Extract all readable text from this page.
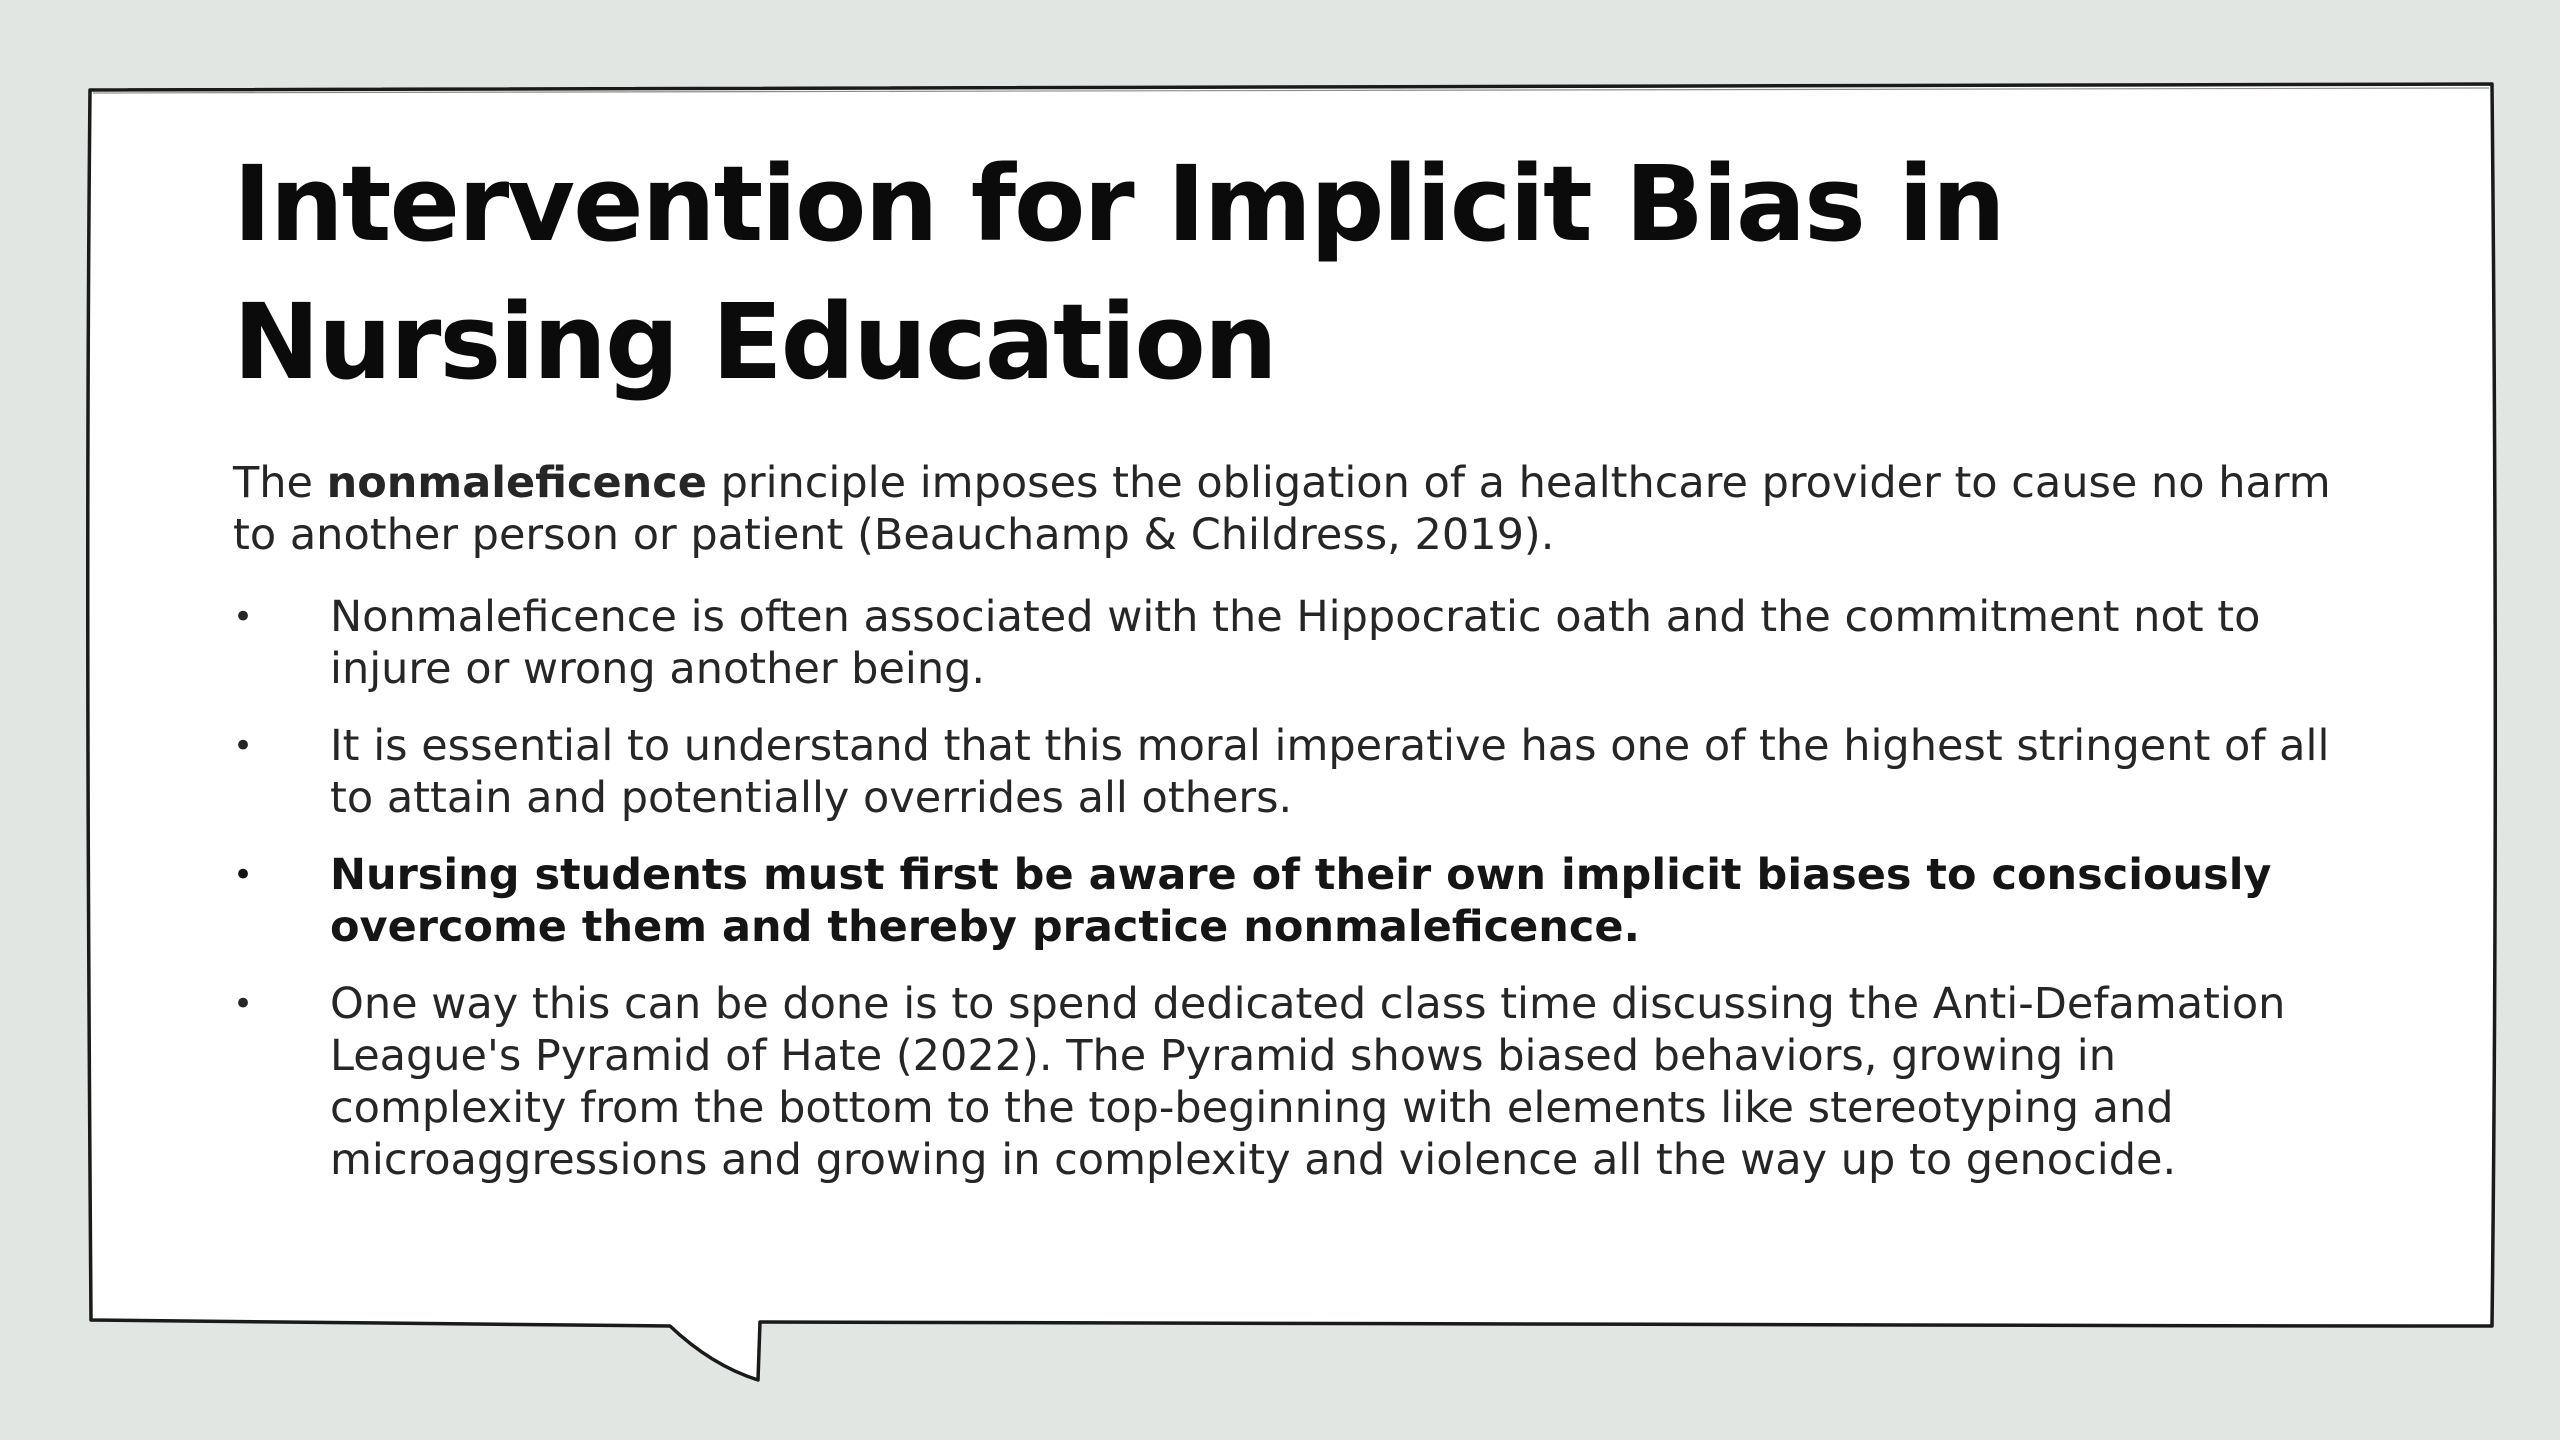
Intervention for Implicit Bias in Nursing Education

The nonmaleficence principle imposes the obligation of a healthcare provider to cause no harm to another person or patient (Beauchamp & Childress, 2019).

• Nonmaleficence is often associated with the Hippocratic oath and the commitment not to injure or wrong another being.
• It is essential to understand that this moral imperative has one of the highest stringent of all to attain and potentially overrides all others.
• Nursing students must first be aware of their own implicit biases to consciously overcome them and thereby practice nonmaleficence.
• One way this can be done is to spend dedicated class time discussing the Anti-Defamation League's Pyramid of Hate (2022). The Pyramid shows biased behaviors, growing in complexity from the bottom to the top-beginning with elements like stereotyping and microaggressions and growing in complexity and violence all the way up to genocide.
